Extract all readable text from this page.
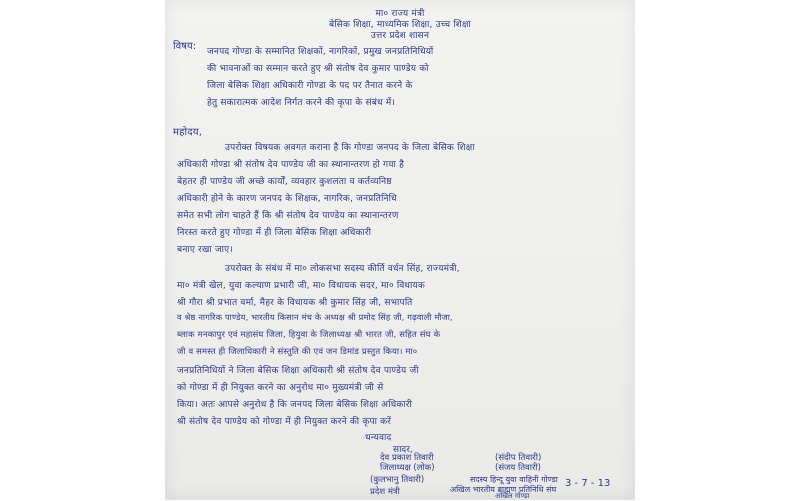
मा० राज्य मंत्री
बेसिक शिक्षा, माध्यमिक शिक्षा, उच्च शिक्षा
उत्तर प्रदेश शासन
विषय: जनपद गोण्डा के सम्मानित शिक्षकों, नागरिकों, प्रमुख जनप्रतिनिधियों
की भावनाओं का सम्मान करते हुए श्री संतोष देव कुमार पाण्डेय को
जिला बेसिक शिक्षा अधिकारी गोण्डा के पद पर तैनात करने के
हेतु सकारात्मक आदेश निर्गत करने की कृपा के संबंध में।
महोदय,
उपरोक्त विषयक अवगत कराना है कि गोण्डा जनपद के जिला बेसिक शिक्षा
अधिकारी गोण्डा श्री संतोष देव पाण्डेय जी का स्थानान्तरण हो गया है
बेहतर ही पाण्डेय जी अच्छे कार्यों, व्यवहार कुशलता व कर्तव्यनिष्ठ
अधिकारी होने के कारण जनपद के शिक्षक, नागरिक, जनप्रतिनिधि
समेत सभी लोग चाहते हैं कि श्री संतोष देव पाण्डेय का स्थानान्तरण
निरस्त करते हुए गोण्डा में ही जिला बेसिक शिक्षा अधिकारी
बनाए रखा जाए।
उपरोक्त के संबंध में मा० लोकसभा सदस्य कीर्ति वर्धन सिंह, राज्यमंत्री,
मा० मंत्री खेल, युवा कल्याण प्रभारी जी, मा० विधायक सदर, मा० विधायक
श्री गौरा श्री प्रभात वर्मा, मैहर के विधायक श्री कुमार सिंह जी, सभापति
व श्रेष्ठ नागरिक पाण्डेय, भारतीय किसान मंच के अध्यक्ष श्री प्रमोद सिंह जी, गढ़वाली मौजा,
ब्लाक मनकापुर एवं महासंघ जिला, हियुवा के जिलाध्यक्ष श्री भारत जी, सहित संघ के
जी व समस्त ही जिलाधिकारी ने संस्तुति की एवं जन डिमांड प्रस्तुत किया। मा०
जनप्रतिनिधियों ने जिला बेसिक शिक्षा अधिकारी श्री संतोष देव पाण्डेय जी
को गोण्डा में ही नियुक्त करने का अनुरोध मा० मुख्यमंत्री जी से
किया। अतः आपसे अनुरोध है कि जनपद जिला बेसिक शिक्षा अधिकारी
श्री संतोष देव पाण्डेय को गोण्डा में ही नियुक्त करने की कृपा करें
धन्यवाद
सादर,
देव प्रकाश तिवारी
जिलाध्यक्ष (लोक)
(कुलभानु तिवारी)
प्रदेश मंत्री
(संदीप तिवारी)
(संजय तिवारी)
सदस्य हिन्दू युवा वाहिनी गोण्डा
अखिल भारतीय ब्राह्मण प्रतिनिधि संघ
अखिल गोण्डा
3 - 7 - 13
